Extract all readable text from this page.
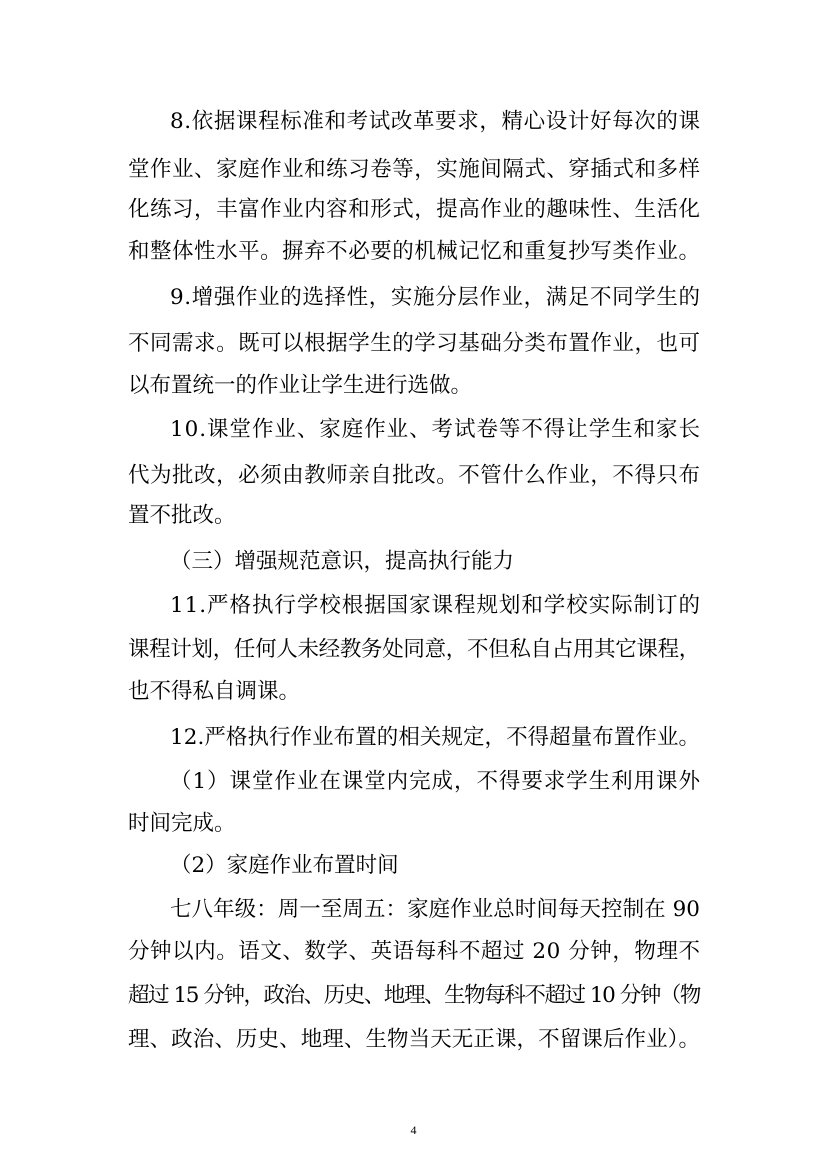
8.依据课程标准和考试改革要求，精心设计好每次的课
堂作业、家庭作业和练习卷等，实施间隔式、穿插式和多样
化练习，丰富作业内容和形式，提高作业的趣味性、生活化
和整体性水平。摒弃不必要的机械记忆和重复抄写类作业。
9.增强作业的选择性，实施分层作业，满足不同学生的
不同需求。既可以根据学生的学习基础分类布置作业，也可
以布置统一的作业让学生进行选做。
10.课堂作业、家庭作业、考试卷等不得让学生和家长
代为批改，必须由教师亲自批改。不管什么作业，不得只布
置不批改。
（三）增强规范意识，提高执行能力
11.严格执行学校根据国家课程规划和学校实际制订的
课程计划，任何人未经教务处同意，不但私自占用其它课程，
也不得私自调课。
12.严格执行作业布置的相关规定，不得超量布置作业。
（1）课堂作业在课堂内完成，不得要求学生利用课外
时间完成。
（2）家庭作业布置时间
七八年级：周一至周五：家庭作业总时间每天控制在 90
分钟以内。语文、数学、英语每科不超过 20 分钟，物理不
超过 15 分钟，政治、历史、地理、生物每科不超过 10 分钟（物
理、政治、历史、地理、生物当天无正课，不留课后作业）。
4
